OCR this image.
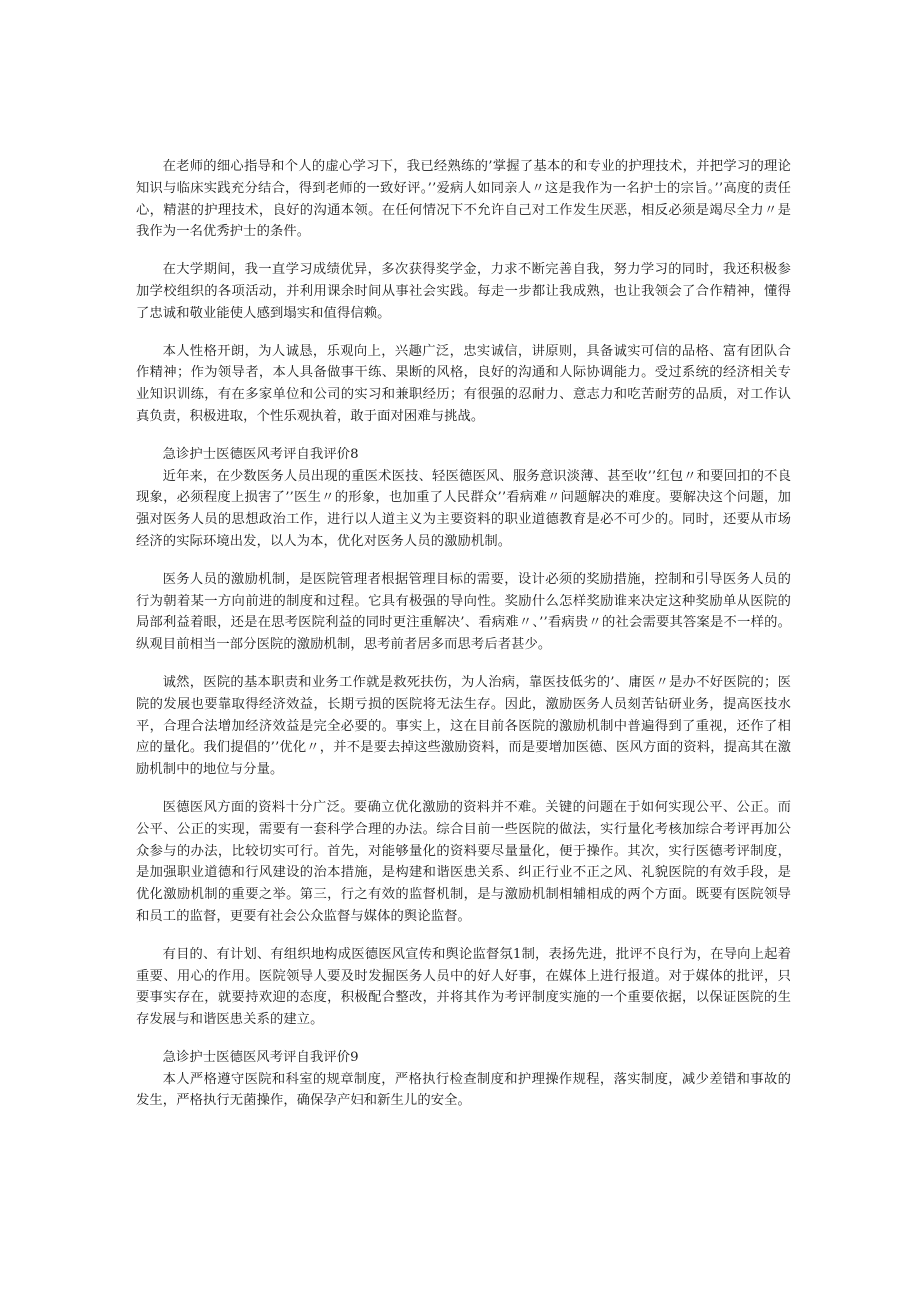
在老师的细心指导和个人的虚心学习下，我已经熟练的’掌握了基本的和专业的护理技术，并把学习的理论知识与临床实践充分结合，得到老师的一致好评。’’爱病人如同亲人〃这是我作为一名护士的宗旨。’’高度的责任心，精湛的护理技术，良好的沟通本领。在任何情况下不允许自己对工作发生厌恶，相反必须是竭尽全力〃是我作为一名优秀护士的条件。

在大学期间，我一直学习成绩优异，多次获得奖学金，力求不断完善自我，努力学习的同时，我还积极参加学校组织的各项活动，并利用课余时间从事社会实践。每走一步都让我成熟，也让我领会了合作精神，懂得了忠诚和敬业能使人感到塌实和值得信赖。

本人性格开朗，为人诚恳，乐观向上，兴趣广泛，忠实诚信，讲原则，具备诚实可信的品格、富有团队合作精神；作为领导者，本人具备做事干练、果断的风格，良好的沟通和人际协调能力。受过系统的经济相关专业知识训练，有在多家单位和公司的实习和兼职经历；有很强的忍耐力、意志力和吃苦耐劳的品质，对工作认真负责，积极进取，个性乐观执着，敢于面对困难与挑战。

急诊护士医德医风考评自我评价8

近年来，在少数医务人员出现的重医术医技、轻医德医风、服务意识淡薄、甚至收’’红包〃和要回扣的不良现象，必须程度上损害了’’医生〃的形象，也加重了人民群众’’看病难〃问题解决的难度。要解决这个问题，加强对医务人员的思想政治工作，进行以人道主义为主要资料的职业道德教育是必不可少的。同时，还要从市场经济的实际环境出发，以人为本，优化对医务人员的激励机制。

医务人员的激励机制，是医院管理者根据管理目标的需要，设计必须的奖励措施，控制和引导医务人员的行为朝着某一方向前进的制度和过程。它具有极强的导向性。奖励什么怎样奖励谁来决定这种奖励单从医院的局部利益着眼，还是在思考医院利益的同时更注重解决’、看病难〃、’’看病贵〃的社会需要其答案是不一样的。纵观目前相当一部分医院的激励机制，思考前者居多而思考后者甚少。

诚然，医院的基本职责和业务工作就是救死扶伤，为人治病，靠医技低劣的’、庸医〃是办不好医院的；医院的发展也要靠取得经济效益，长期亏损的医院将无法生存。因此，激励医务人员刻苦钻研业务，提高医技水平，合理合法增加经济效益是完全必要的。事实上，这在目前各医院的激励机制中普遍得到了重视，还作了相应的量化。我们提倡的’’优化〃，并不是要去掉这些激励资料，而是要增加医德、医风方面的资料，提高其在激励机制中的地位与分量。

医德医风方面的资料十分广泛。要确立优化激励的资料并不难。关键的问题在于如何实现公平、公正。而公平、公正的实现，需要有一套科学合理的办法。综合目前一些医院的做法，实行量化考核加综合考评再加公众参与的办法，比较切实可行。首先，对能够量化的资料要尽量量化，便于操作。其次，实行医德考评制度，是加强职业道德和行风建设的治本措施，是构建和谐医患关系、纠正行业不正之风、礼貌医院的有效手段，是优化激励机制的重要之举。第三，行之有效的监督机制，是与激励机制相辅相成的两个方面。既要有医院领导和员工的监督，更要有社会公众监督与媒体的舆论监督。

有目的、有计划、有组织地构成医德医风宣传和舆论监督氛1制，表扬先进，批评不良行为，在导向上起着重要、用心的作用。医院领导人要及时发掘医务人员中的好人好事，在媒体上进行报道。对于媒体的批评，只要事实存在，就要持欢迎的态度，积极配合整改，并将其作为考评制度实施的一个重要依据，以保证医院的生存发展与和谐医患关系的建立。

急诊护士医德医风考评自我评价9

本人严格遵守医院和科室的规章制度，严格执行检查制度和护理操作规程，落实制度，减少差错和事故的发生，严格执行无菌操作，确保孕产妇和新生儿的安全。
